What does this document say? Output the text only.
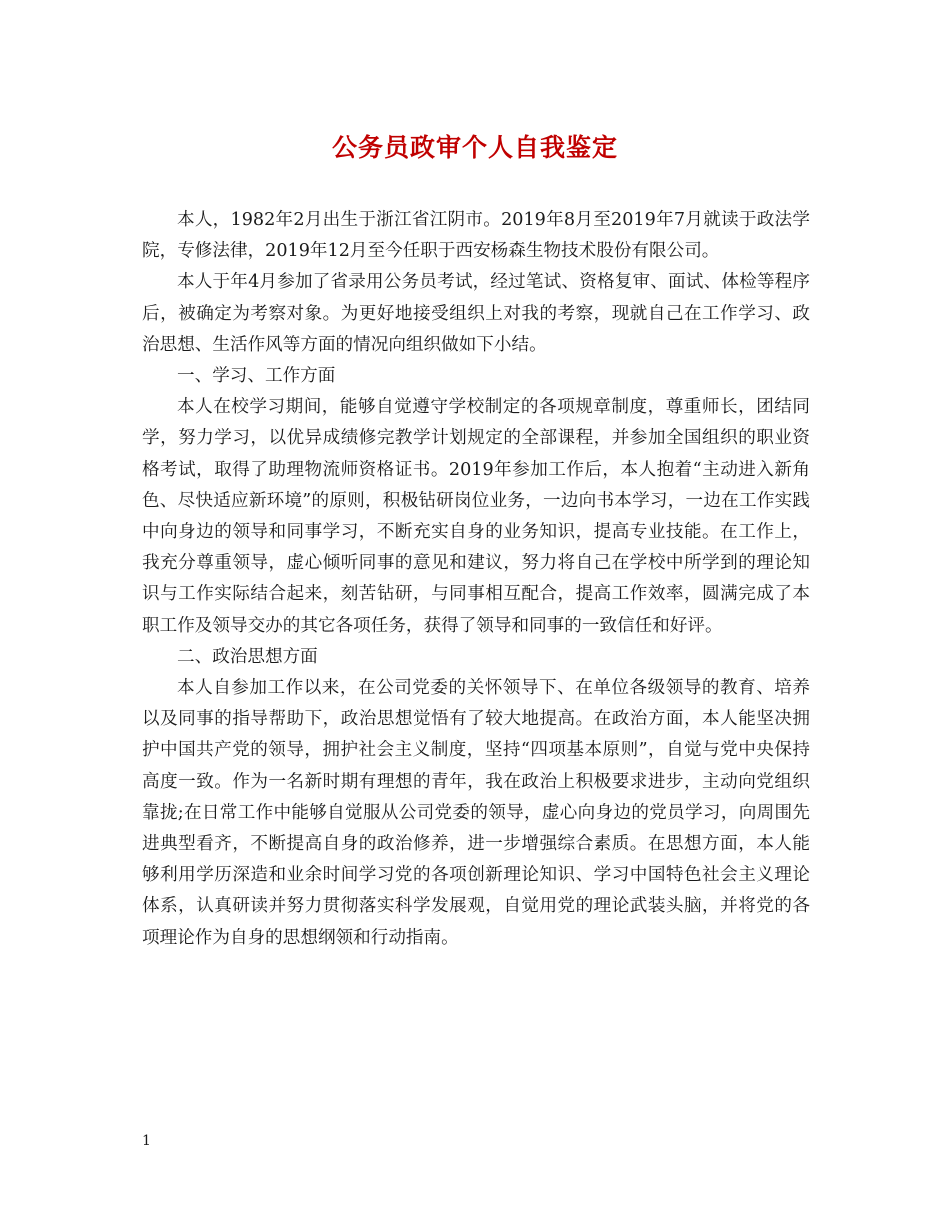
公务员政审个人自我鉴定

本人，1982年2月出生于浙江省江阴市。2019年8月至2019年7月就读于政法学院，专修法律，2019年12月至今任职于西安杨森生物技术股份有限公司。

本人于年4月参加了省录用公务员考试，经过笔试、资格复审、面试、体检等程序后，被确定为考察对象。为更好地接受组织上对我的考察，现就自己在工作学习、政治思想、生活作风等方面的情况向组织做如下小结。

一、学习、工作方面

本人在校学习期间，能够自觉遵守学校制定的各项规章制度，尊重师长，团结同学，努力学习，以优异成绩修完教学计划规定的全部课程，并参加全国组织的职业资格考试，取得了助理物流师资格证书。2019年参加工作后，本人抱着“主动进入新角色、尽快适应新环境”的原则，积极钻研岗位业务，一边向书本学习，一边在工作实践中向身边的领导和同事学习，不断充实自身的业务知识，提高专业技能。在工作上，我充分尊重领导，虚心倾听同事的意见和建议，努力将自己在学校中所学到的理论知识与工作实际结合起来，刻苦钻研，与同事相互配合，提高工作效率，圆满完成了本职工作及领导交办的其它各项任务，获得了领导和同事的一致信任和好评。

二、政治思想方面

本人自参加工作以来，在公司党委的关怀领导下、在单位各级领导的教育、培养以及同事的指导帮助下，政治思想觉悟有了较大地提高。在政治方面，本人能坚决拥护中国共产党的领导，拥护社会主义制度，坚持“四项基本原则”，自觉与党中央保持高度一致。作为一名新时期有理想的青年，我在政治上积极要求进步，主动向党组织靠拢;在日常工作中能够自觉服从公司党委的领导，虚心向身边的党员学习，向周围先进典型看齐，不断提高自身的政治修养，进一步增强综合素质。在思想方面，本人能够利用学历深造和业余时间学习党的各项创新理论知识、学习中国特色社会主义理论体系，认真研读并努力贯彻落实科学发展观，自觉用党的理论武装头脑，并将党的各项理论作为自身的思想纲领和行动指南。

1
